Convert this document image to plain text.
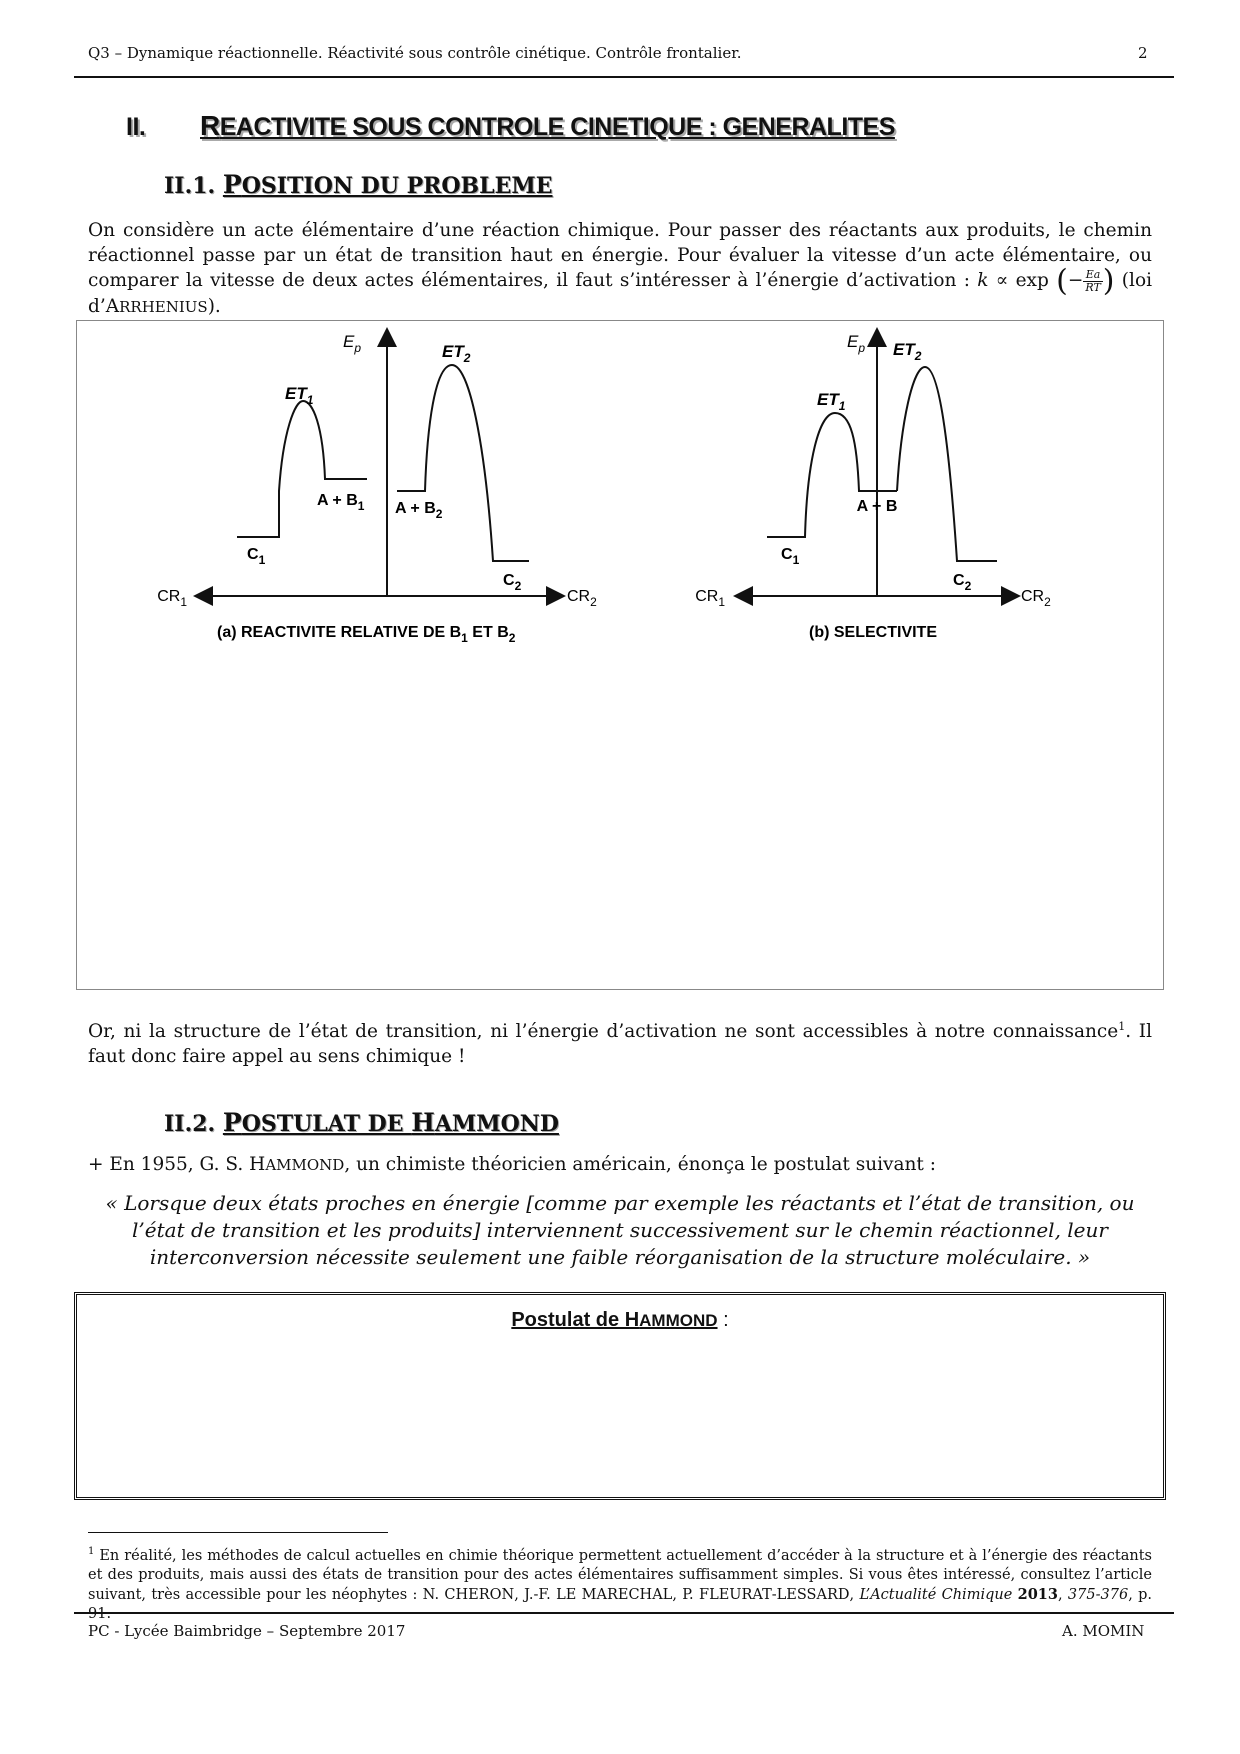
Q3 – Dynamique réactionnelle. Réactivité sous contrôle cinétique. Contrôle frontalier.	2
II. REACTIVITE SOUS CONTROLE CINETIQUE : GENERALITES
II.1. POSITION DU PROBLEME
On considère un acte élémentaire d’une réaction chimique. Pour passer des réactants aux produits, le chemin réactionnel passe par un état de transition haut en énergie. Pour évaluer la vitesse d’un acte élémentaire, ou comparer la vitesse de deux actes élémentaires, il faut s’intéresser à l’énergie d’activation : k ∝ exp (− $\frac{Ea}{RT}$ ) (loi d’ARRHENIUS).
$E_p$
$ET_1$
$ET_2$
$A + B_1$ $A + B_2$
$C_1$
$C_2$
$CR_1$	$CR_2$
(a) REACTIVITE RELATIVE DE $B_1$ ET $B_2$
$E_p$
$ET_1$
$ET_2$
A + B
$C_1$
$C_2$
$CR_1$	$CR_2$
(b) SELECTIVITE
Or, ni la structure de l’état de transition, ni l’énergie d’activation ne sont accessibles à notre connaissance$^1$. Il faut donc faire appel au sens chimique !
II.2. POSTULAT DE HAMMOND
+ En 1955, G. S. HAMMOND, un chimiste théoricien américain, énonça le postulat suivant :
« Lorsque deux états proches en énergie [comme par exemple les réactants et l’état de transition, ou l’état de transition et les produits] interviennent successivement sur le chemin réactionnel, leur interconversion nécessite seulement une faible réorganisation de la structure moléculaire. »
Postulat de HAMMOND :
$^1$ En réalité, les méthodes de calcul actuelles en chimie théorique permettent actuellement d’accéder à la structure et à l’énergie des réactants et des produits, mais aussi des états de transition pour des actes élémentaires suffisamment simples. Si vous êtes intéressé, consultez l’article suivant, très accessible pour les néophytes : N. CHERON, J.-F. LE MARECHAL, P. FLEURAT-LESSARD, L’Actualité Chimique 2013, 375-376, p. 91.
PC - Lycée Baimbridge – Septembre 2017	A. MOMIN
